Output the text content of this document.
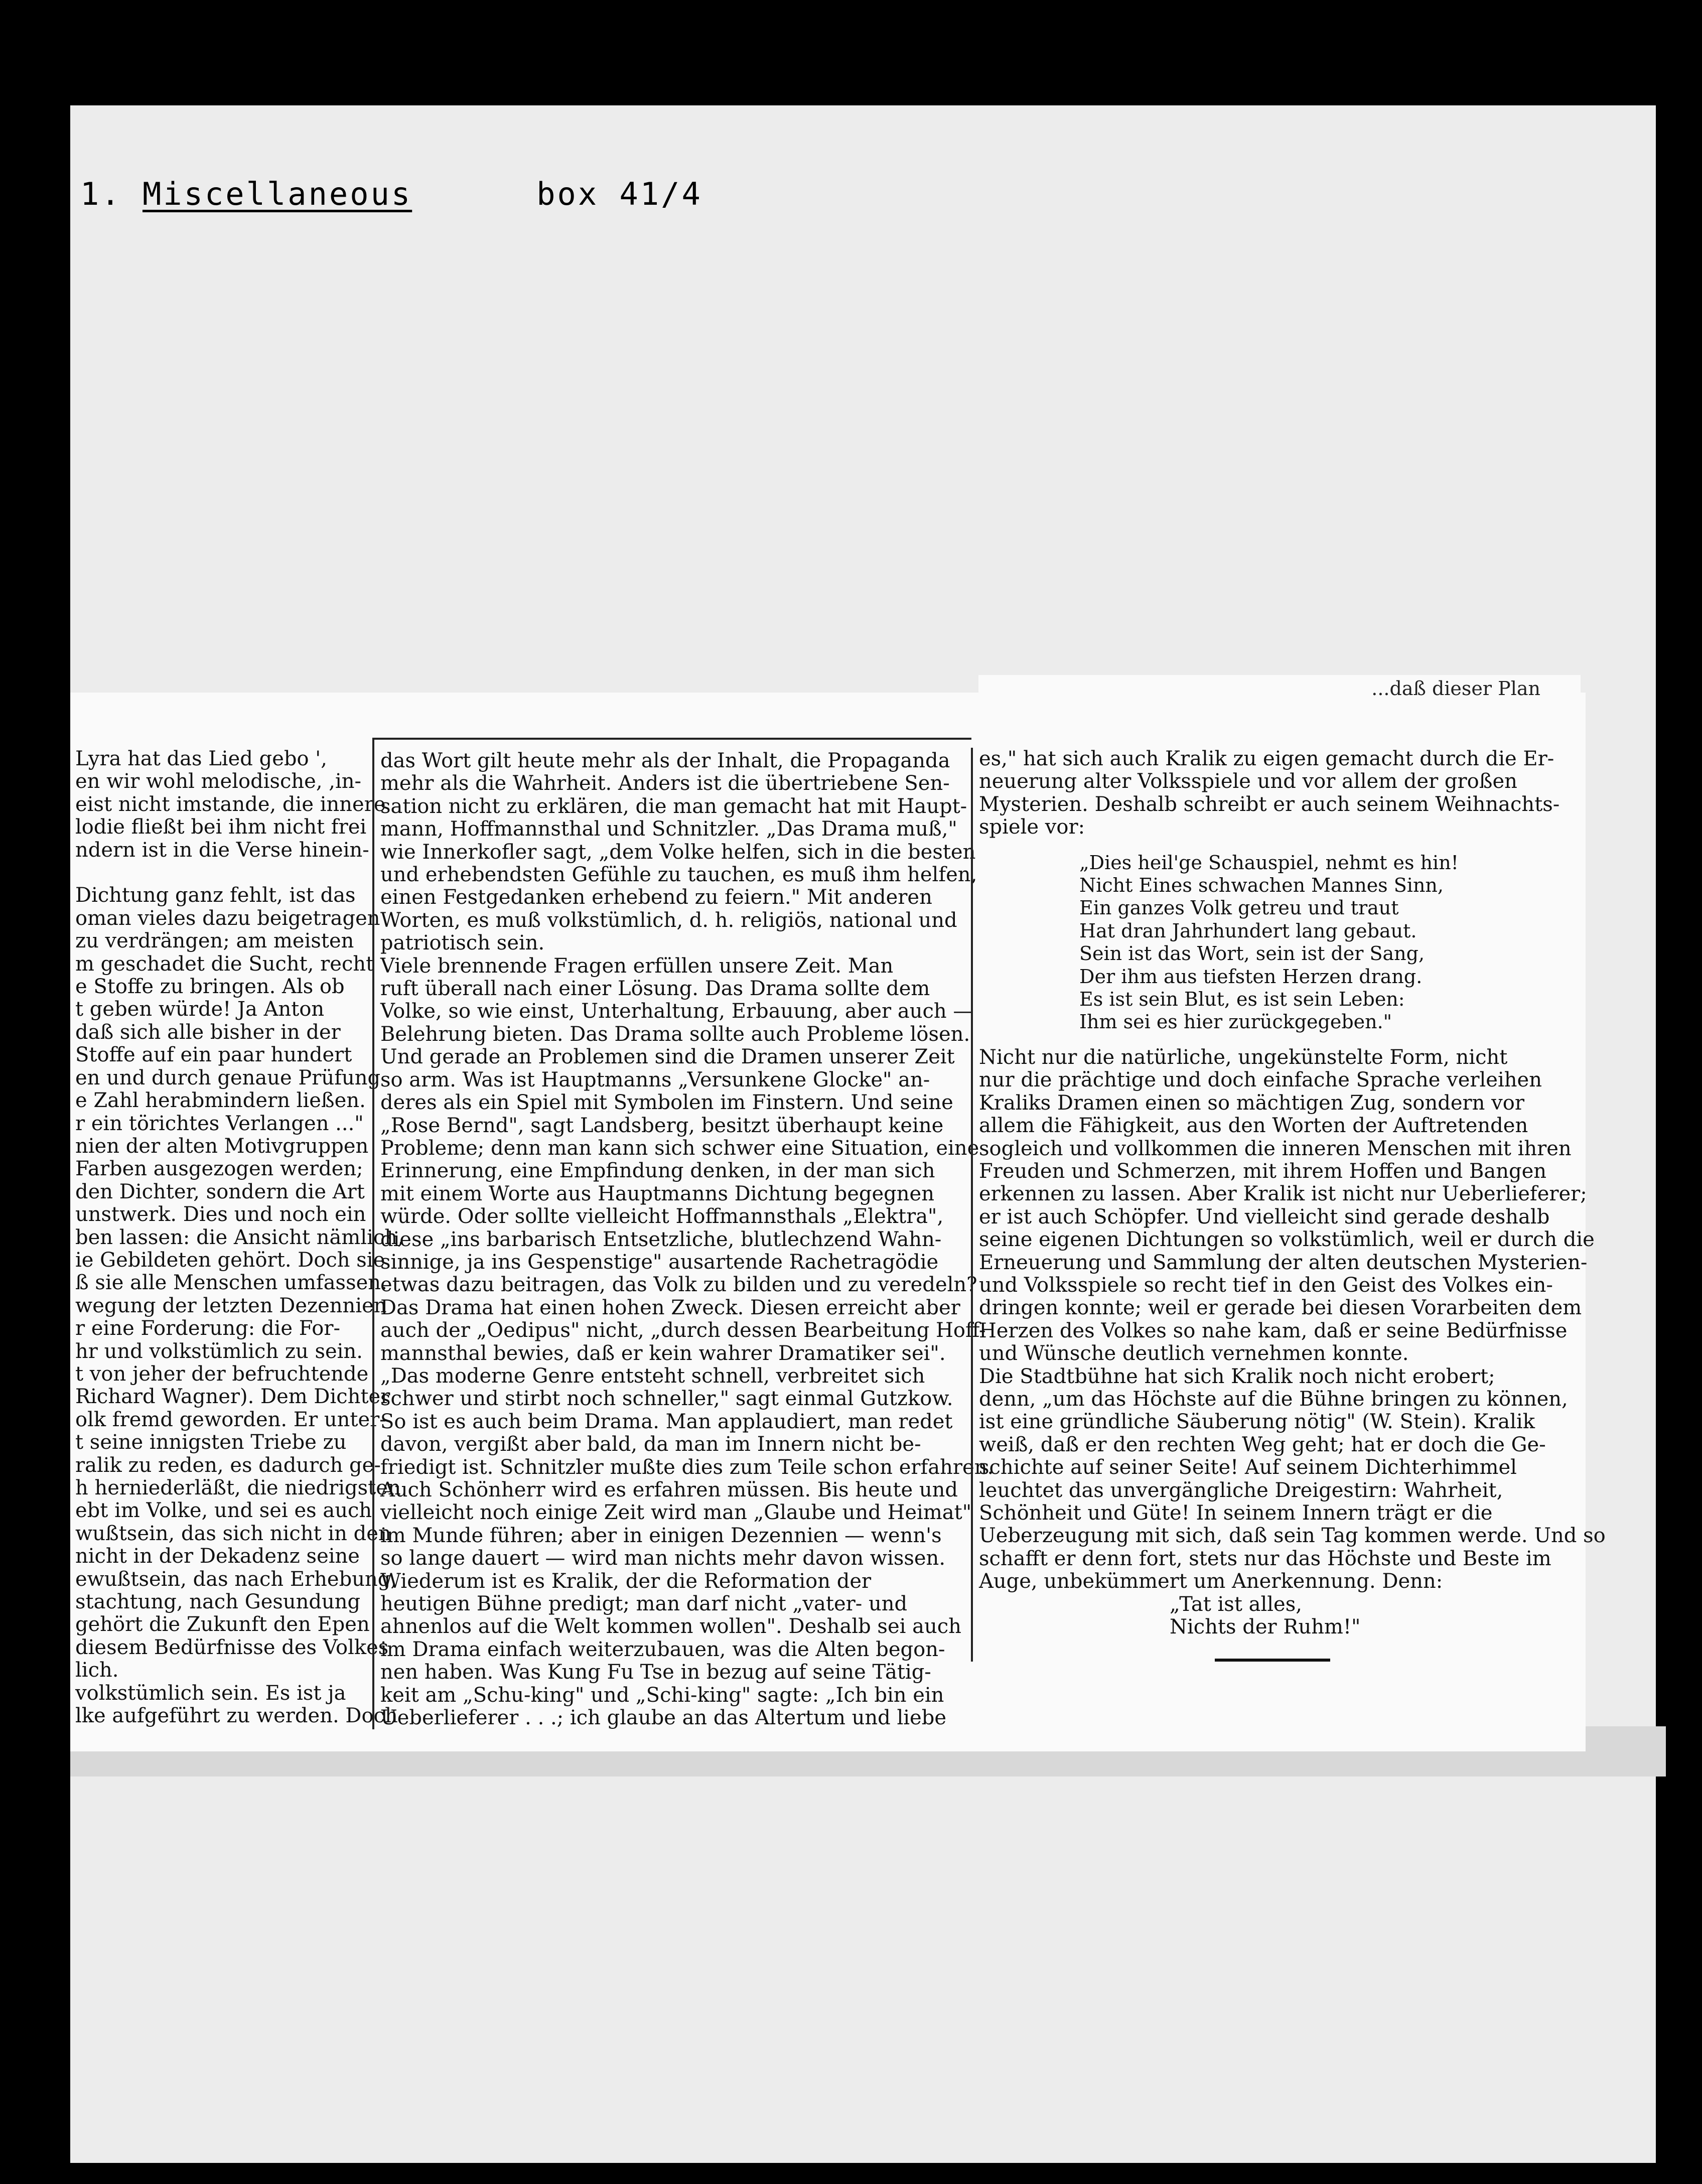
1. Miscellaneous	box 41/4
...daß dieser Plan

Lyra hat das Lied gebo ',

en wir wohl melodische, ,in-

eist nicht imstande, die innere

lodie fließt bei ihm nicht frei

ndern ist in die Verse hinein-

Dichtung ganz fehlt, ist das

oman vieles dazu beigetragen

zu verdrängen; am meisten

m geschadet die Sucht, recht

e Stoffe zu bringen. Als ob

t geben würde! Ja Anton

daß sich alle bisher in der

Stoffe auf ein paar hundert

en und durch genaue Prüfung

e Zahl herabmindern ließen.

r ein törichtes Verlangen ..."

nien der alten Motivgruppen

Farben ausgezogen werden;

den Dichter, sondern die Art

unstwerk. Dies und noch ein

ben lassen: die Ansicht nämlich,

ie Gebildeten gehört. Doch sie

ß sie alle Menschen umfassen.

wegung der letzten Dezennien

r eine Forderung: die For-

hr und volkstümlich zu sein.

t von jeher der befruchtende

Richard Wagner). Dem Dichter

olk fremd geworden. Er unter-

t seine innigsten Triebe zu

ralik zu reden, es dadurch ge-

h herniederläßt, die niedrigsten

ebt im Volke, und sei es auch

wußtsein, das sich nicht in den

nicht in der Dekadenz seine

ewußtsein, das nach Erhebung,

stachtung, nach Gesundung

gehört die Zukunft den Epen

diesem Bedürfnisse des Volkes

lich.

volkstümlich sein. Es ist ja

lke aufgeführt zu werden. Doch

das Wort gilt heute mehr als der Inhalt, die Propaganda

mehr als die Wahrheit. Anders ist die übertriebene Sen-

sation nicht zu erklären, die man gemacht hat mit Haupt-

mann, Hoffmannsthal und Schnitzler. „Das Drama muß,"

wie Innerkofler sagt, „dem Volke helfen, sich in die besten

und erhebendsten Gefühle zu tauchen, es muß ihm helfen,

einen Festgedanken erhebend zu feiern." Mit anderen

Worten, es muß volkstümlich, d. h. religiös, national und

patriotisch sein.

Viele brennende Fragen erfüllen unsere Zeit. Man

ruft überall nach einer Lösung. Das Drama sollte dem

Volke, so wie einst, Unterhaltung, Erbauung, aber auch —

Belehrung bieten. Das Drama sollte auch Probleme lösen.

Und gerade an Problemen sind die Dramen unserer Zeit

so arm. Was ist Hauptmanns „Versunkene Glocke" an-

deres als ein Spiel mit Symbolen im Finstern. Und seine

„Rose Bernd", sagt Landsberg, besitzt überhaupt keine

Probleme; denn man kann sich schwer eine Situation, eine

Erinnerung, eine Empfindung denken, in der man sich

mit einem Worte aus Hauptmanns Dichtung begegnen

würde. Oder sollte vielleicht Hoffmannsthals „Elektra",

diese „ins barbarisch Entsetzliche, blutlechzend Wahn-

sinnige, ja ins Gespenstige" ausartende Rachetragödie

etwas dazu beitragen, das Volk zu bilden und zu veredeln?

Das Drama hat einen hohen Zweck. Diesen erreicht aber

auch der „Oedipus" nicht, „durch dessen Bearbeitung Hoff-

mannsthal bewies, daß er kein wahrer Dramatiker sei".

„Das moderne Genre entsteht schnell, verbreitet sich

schwer und stirbt noch schneller," sagt einmal Gutzkow.

So ist es auch beim Drama. Man applaudiert, man redet

davon, vergißt aber bald, da man im Innern nicht be-

friedigt ist. Schnitzler mußte dies zum Teile schon erfahren.

Auch Schönherr wird es erfahren müssen. Bis heute und

vielleicht noch einige Zeit wird man „Glaube und Heimat"

im Munde führen; aber in einigen Dezennien — wenn's

so lange dauert — wird man nichts mehr davon wissen.

Wiederum ist es Kralik, der die Reformation der

heutigen Bühne predigt; man darf nicht „vater- und

ahnenlos auf die Welt kommen wollen". Deshalb sei auch

im Drama einfach weiterzubauen, was die Alten begon-

nen haben. Was Kung Fu Tse in bezug auf seine Tätig-

keit am „Schu-king" und „Schi-king" sagte: „Ich bin ein

Ueberlieferer . . .; ich glaube an das Altertum und liebe

es," hat sich auch Kralik zu eigen gemacht durch die Er-

neuerung alter Volksspiele und vor allem der großen

Mysterien. Deshalb schreibt er auch seinem Weihnachts-

spiele vor:

„Dies heil'ge Schauspiel, nehmt es hin!

Nicht Eines schwachen Mannes Sinn,

Ein ganzes Volk getreu und traut

Hat dran Jahrhundert lang gebaut.

Sein ist das Wort, sein ist der Sang,

Der ihm aus tiefsten Herzen drang.

Es ist sein Blut, es ist sein Leben:

Ihm sei es hier zurückgegeben."

Nicht nur die natürliche, ungekünstelte Form, nicht

nur die prächtige und doch einfache Sprache verleihen

Kraliks Dramen einen so mächtigen Zug, sondern vor

allem die Fähigkeit, aus den Worten der Auftretenden

sogleich und vollkommen die inneren Menschen mit ihren

Freuden und Schmerzen, mit ihrem Hoffen und Bangen

erkennen zu lassen. Aber Kralik ist nicht nur Ueberlieferer;

er ist auch Schöpfer. Und vielleicht sind gerade deshalb

seine eigenen Dichtungen so volkstümlich, weil er durch die

Erneuerung und Sammlung der alten deutschen Mysterien-

und Volksspiele so recht tief in den Geist des Volkes ein-

dringen konnte; weil er gerade bei diesen Vorarbeiten dem

Herzen des Volkes so nahe kam, daß er seine Bedürfnisse

und Wünsche deutlich vernehmen konnte.

Die Stadtbühne hat sich Kralik noch nicht erobert;

denn, „um das Höchste auf die Bühne bringen zu können,

ist eine gründliche Säuberung nötig" (W. Stein). Kralik

weiß, daß er den rechten Weg geht; hat er doch die Ge-

schichte auf seiner Seite! Auf seinem Dichterhimmel

leuchtet das unvergängliche Dreigestirn: Wahrheit,

Schönheit und Güte! In seinem Innern trägt er die

Ueberzeugung mit sich, daß sein Tag kommen werde. Und so

schafft er denn fort, stets nur das Höchste und Beste im

Auge, unbekümmert um Anerkennung. Denn:

„Tat ist alles,

Nichts der Ruhm!"
